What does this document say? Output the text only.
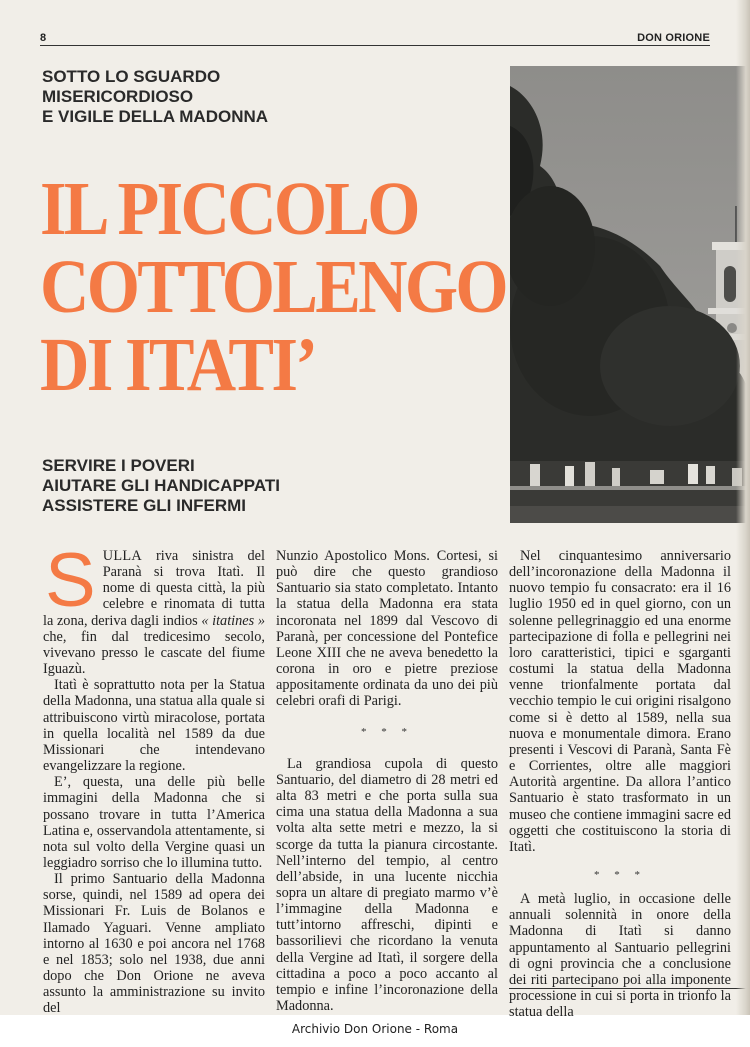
8	DON ORIONE
SOTTO LO SGUARDO
MISERICORDIOSO
E VIGILE DELLA MADONNA
IL PICCOLO
COTTOLENGO
DI ITATI’
SERVIRE I POVERI
AIUTARE GLI HANDICAPPATI
ASSISTERE GLI INFERMI

SULLA riva sinistra del Paranà si trova Itatì. Il nome di questa città, la più celebre e rinomata di tutta la zona, deriva dagli indios « itatines » che, fin dal tredicesimo secolo, vivevano presso le cascate del fiume Iguazù.

Itatì è soprattutto nota per la Statua della Madonna, una statua alla quale si attribuiscono virtù miracolose, portata in quella località nel 1589 da due Missionari che intendevano evangelizzare la regione.

E’, questa, una delle più belle immagini della Madonna che si possano trovare in tutta l’America Latina e, osservandola attentamente, si nota sul volto della Vergine quasi un leggiadro sorriso che lo illumina tutto.

Il primo Santuario della Madonna sorse, quindi, nel 1589 ad opera dei Missionari Fr. Luis de Bolanos e Ilamado Yaguari. Venne ampliato intorno al 1630 e poi ancora nel 1768 e nel 1853; solo nel 1938, due anni dopo che Don Orione ne aveva assunto la amministrazione su invito del

Nunzio Apostolico Mons. Cortesi, si può dire che questo grandioso Santuario sia stato completato. Intanto la statua della Madonna era stata incoronata nel 1899 dal Vescovo di Paranà, per concessione del Pontefice Leone XIII che ne aveva benedetto la corona in oro e pietre preziose appositamente ordinata da uno dei più celebri orafi di Parigi.

* * *

La grandiosa cupola di questo Santuario, del diametro di 28 metri ed alta 83 metri e che porta sulla sua cima una statua della Madonna a sua volta alta sette metri e mezzo, la si scorge da tutta la pianura circostante. Nell’interno del tempio, al centro dell’abside, in una lucente nicchia sopra un altare di pregiato marmo v’è l’immagine della Madonna e tutt’intorno affreschi, dipinti e bassorilievi che ricordano la venuta della Vergine ad Itatì, il sorgere della cittadina a poco a poco accanto al tempio e infine l’incoronazione della Madonna.

Nel cinquantesimo anniversario dell’incoronazione della Madonna il nuovo tempio fu consacrato: era il 16 luglio 1950 ed in quel giorno, con un solenne pellegrinaggio ed una enorme partecipazione di folla e pellegrini nei loro caratteristici, tipici e sgarganti costumi la statua della Madonna venne trionfalmente portata dal vecchio tempio le cui origini risalgono come si è detto al 1589, nella sua nuova e monumentale dimora. Erano presenti i Vescovi di Paranà, Santa Fè e Corrientes, oltre alle maggiori Autorità argentine. Da allora l’antico Santuario è stato trasformato in un museo che contiene immagini sacre ed oggetti che costituiscono la storia di Itatì.

* * *

A metà luglio, in occasione delle annuali solennità in onore della Madonna di Itatì si danno appuntamento al Santuario pellegrini di ogni provincia che a conclusione dei riti partecipano poi alla imponente processione in cui si porta in trionfo la statua della

Archivio Don Orione - Roma
